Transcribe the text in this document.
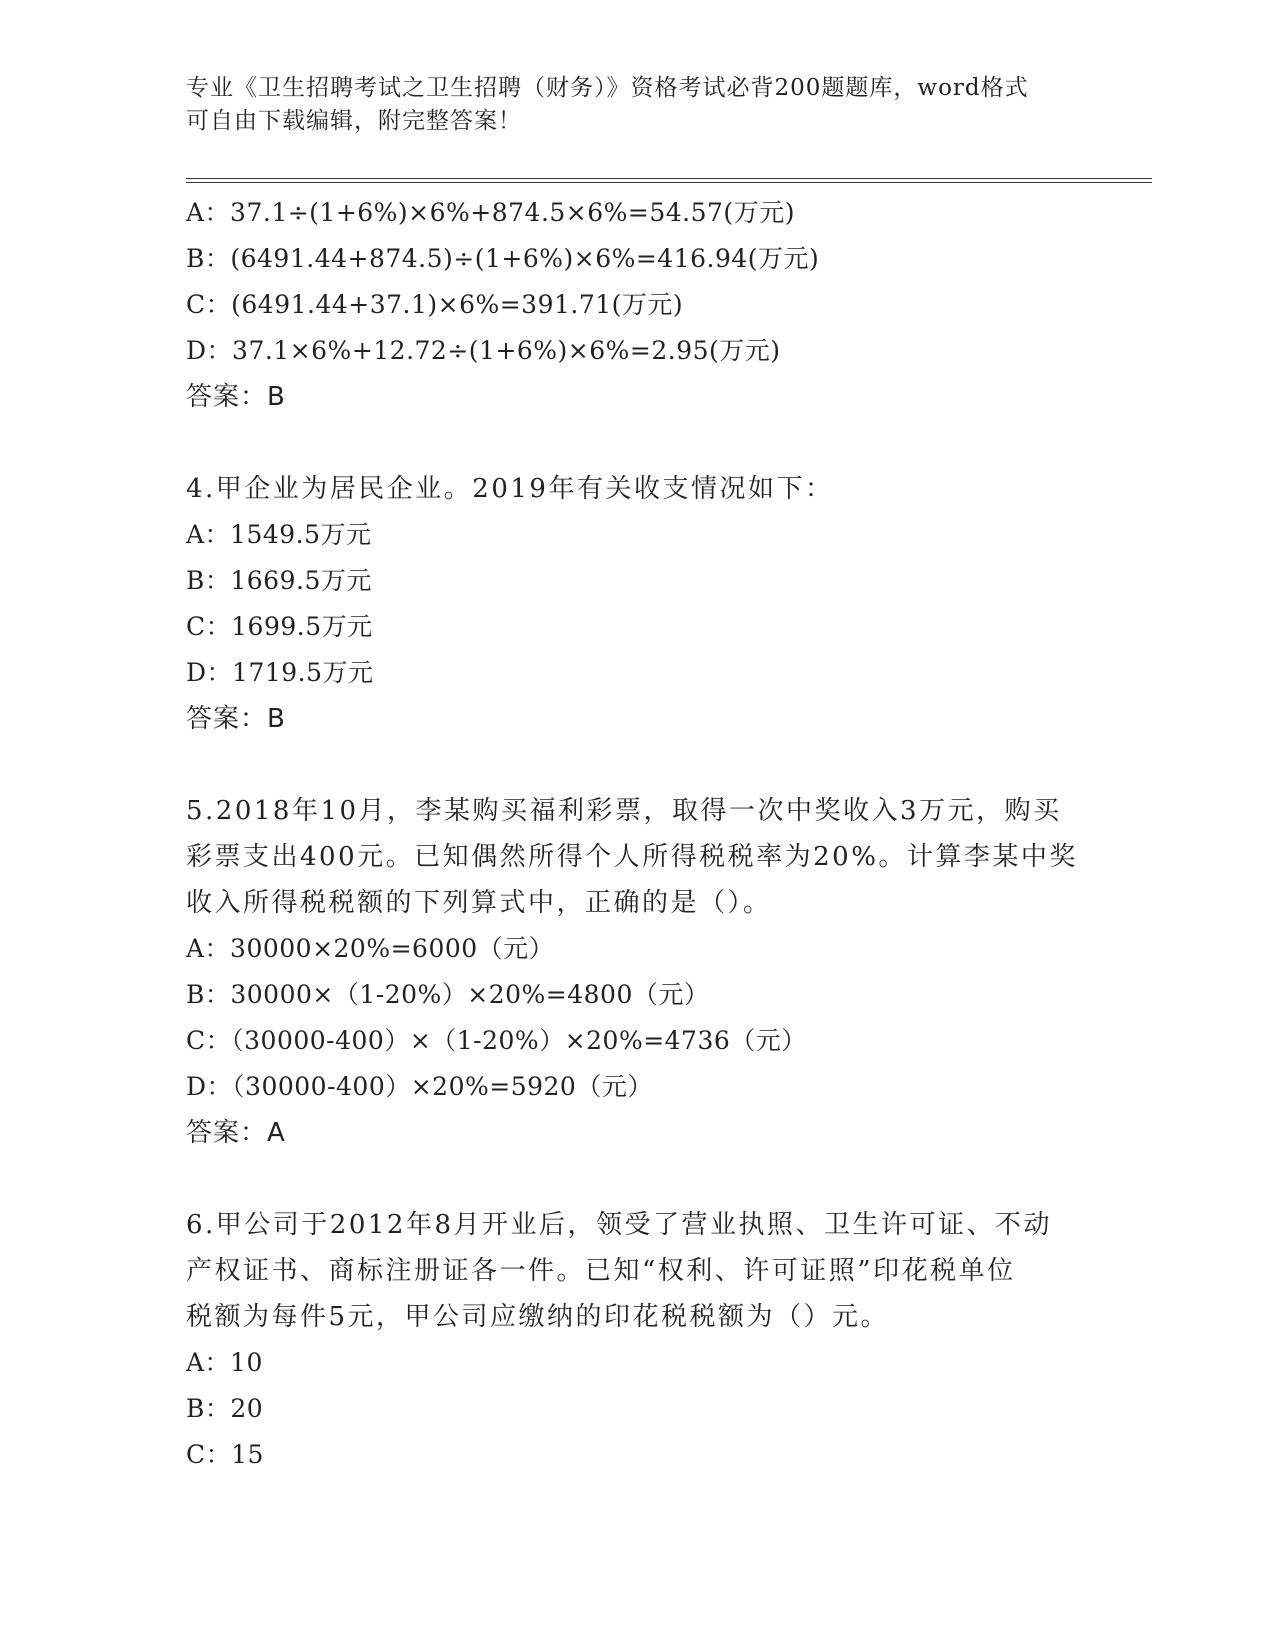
专业《卫生招聘考试之卫生招聘（财务）》资格考试必背200题题库，word格式
可自由下载编辑，附完整答案！
A：37.1÷(1+6%)×6%+874.5×6%=54.57(万元)
B：(6491.44+874.5)÷(1+6%)×6%=416.94(万元)
C：(6491.44+37.1)×6%=391.71(万元)
D：37.1×6%+12.72÷(1+6%)×6%=2.95(万元)
答案：B
4.甲企业为居民企业。2019年有关收支情况如下：
A：1549.5万元
B：1669.5万元
C：1699.5万元
D：1719.5万元
答案：B
5.2018年10月，李某购买福利彩票，取得一次中奖收入3万元，购买
彩票支出400元。已知偶然所得个人所得税税率为20%。计算李某中奖
收入所得税税额的下列算式中，正确的是（）。
A：30000×20%=6000（元）
B：30000×（1-20%）×20%=4800（元）
C：（30000-400）×（1-20%）×20%=4736（元）
D：（30000-400）×20%=5920（元）
答案：A
6.甲公司于2012年8月开业后，领受了营业执照、卫生许可证、不动
产权证书、商标注册证各一件。已知“权利、许可证照”印花税单位
税额为每件5元，甲公司应缴纳的印花税税额为（）元。
A：10
B：20
C：15
